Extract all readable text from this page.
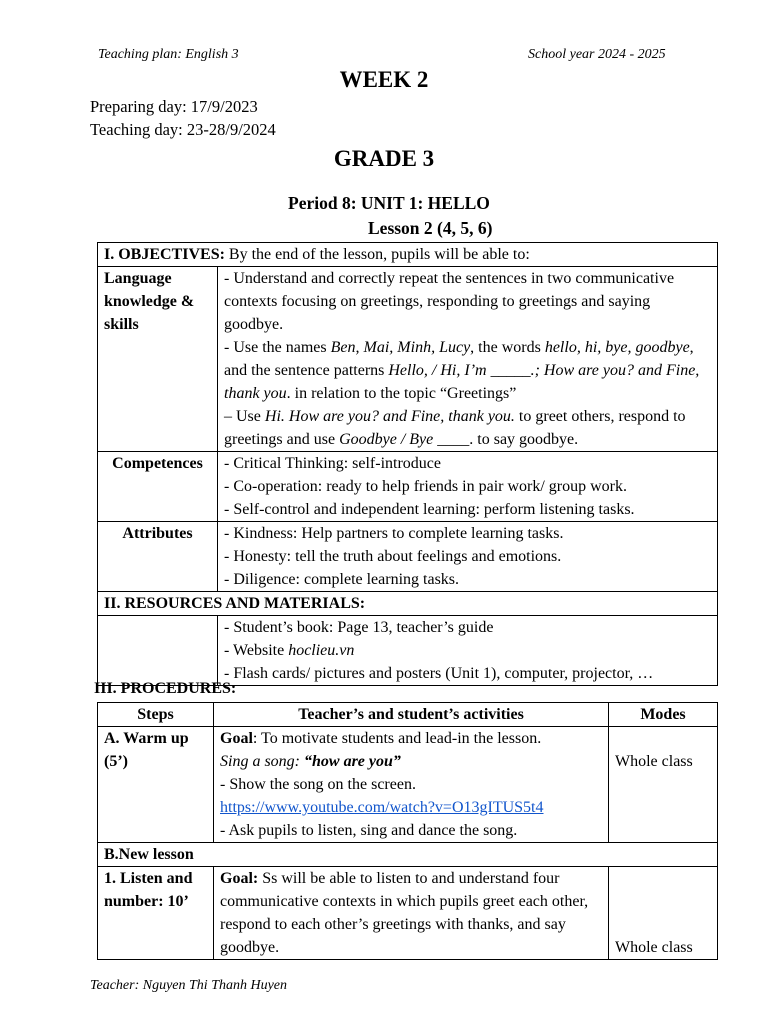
Teaching plan: English 3	School year 2024 - 2025
WEEK 2
Preparing day: 17/9/2023
Teaching day: 23-28/9/2024
GRADE 3
Period 8: UNIT 1: HELLO
Lesson 2 (4, 5, 6)
I. OBJECTIVES: By the end of the lesson, pupils will be able to:	
Language knowledge & skills	- Understand and correctly repeat the sentences in two communicative contexts focusing on greetings, responding to greetings and saying goodbye.
- Use the names Ben, Mai, Minh, Lucy, the words hello, hi, bye, goodbye, and the sentence patterns Hello, / Hi, I’m _____.; How are you? and Fine, thank you. in relation to the topic “Greetings”
– Use Hi. How are you? and Fine, thank you. to greet others, respond to greetings and use Goodbye / Bye ____. to say goodbye.

Competences	- Critical Thinking: self-introduce
- Co-operation: ready to help friends in pair work/ group work.
- Self-control and independent learning: perform listening tasks.

Attributes	- Kindness: Help partners to complete learning tasks.
- Honesty: tell the truth about feelings and emotions.
- Diligence: complete learning tasks.

II. RESOURCES AND MATERIALS:	

	- Student’s book: Page 13, teacher’s guide
- Website hoclieu.vn
- Flash cards/ pictures and posters (Unit 1), computer, projector, …
III. PROCEDURES:
Steps	Teacher’s and student’s activities	Modes
A. Warm up (5’)	Goal: To motivate students and lead-in the lesson.
Sing a song: “how are you”
- Show the song on the screen.
https://www.youtube.com/watch?v=O13gITUS5t4
- Ask pupils to listen, sing and dance the song.	Whole class
B.New lesson		
1. Listen and number: 10’	Goal: Ss will be able to listen to and understand four communicative contexts in which pupils greet each other, respond to each other’s greetings with thanks, and say goodbye.	Whole class
Teacher: Nguyen Thi Thanh Huyen
